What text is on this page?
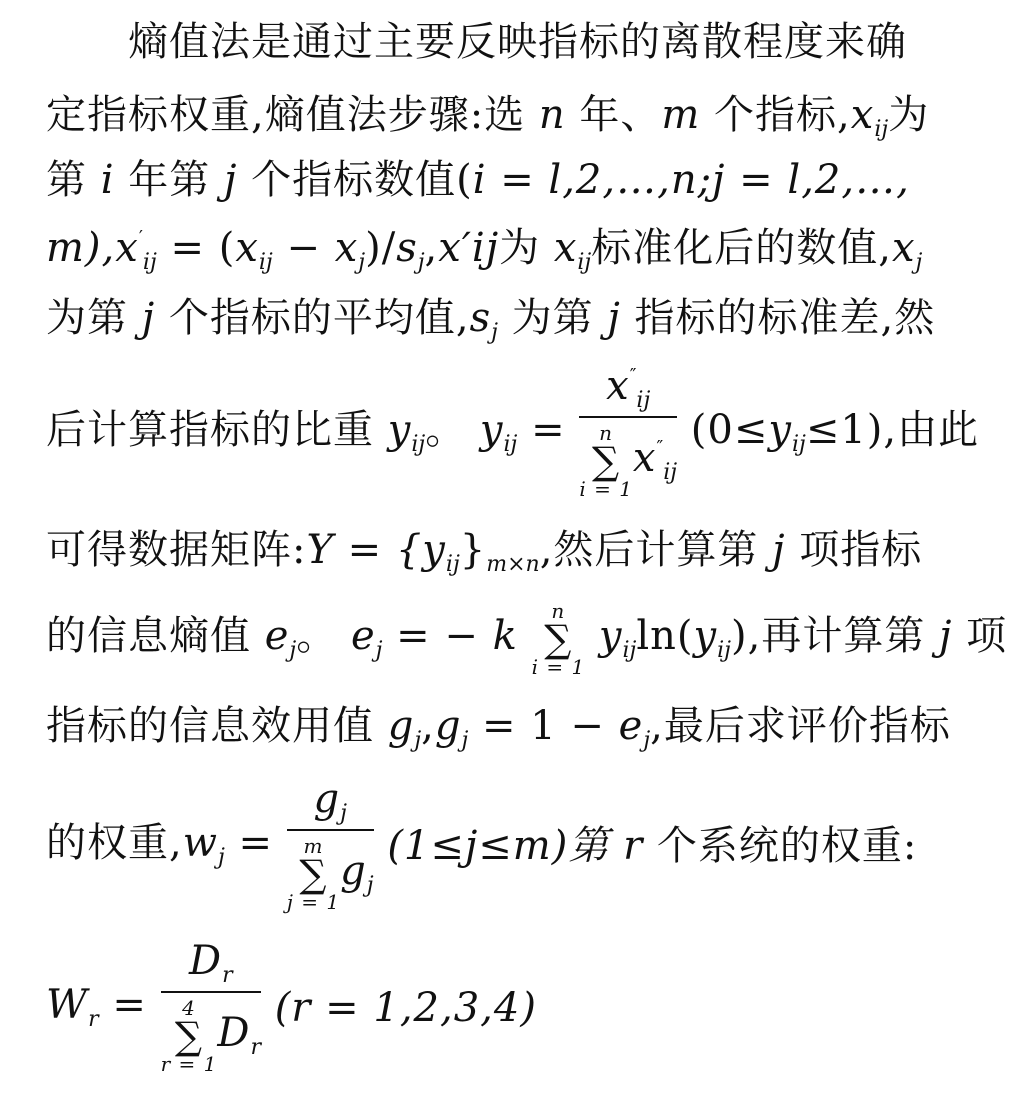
熵值法是通过主要反映指标的离散程度来确
定指标权重,熵值法步骤:选 n 年、m 个指标$,x_{ij}$为
第 i 年第 j 个指标数值(i = l,2,…,n;j = l,2,…,
$m),x'_{ij} = (x_{ij} - x_j)/s_j,x'ij$为 $x_{ij}$标准化后的数值$,x_j$
为第 j 个指标的平均值$,s_j$ 为第 j 指标的标准差,然
后计算指标的比重 $y_{ij}$。 $y_{ij} = x''_{ij}$
n
∑
i = 1
$x''_{ij}$ $(0\le y_{ij}\le 1)$,由此
可得数据矩阵:Y = $\{y_{ij}\}_{m\times n}$,然后计算第 j 项指标
的信息熵值 $e_j$。 $e_j$ = − k
n
∑
i = 1
$y_{ij}\ln(y_{ij})$,再计算第 j 项
指标的信息效用值 $g_j,g_j = 1 - e_j$,最后求评价指标
的权重$,w_j = g_j$
m
∑
j = 1
$g_j$ (1≤j≤m)第 r 个系统的权重:
$W_r = D_r$
4
∑
r = 1
$D_r$ (r = 1,2,3,4)
